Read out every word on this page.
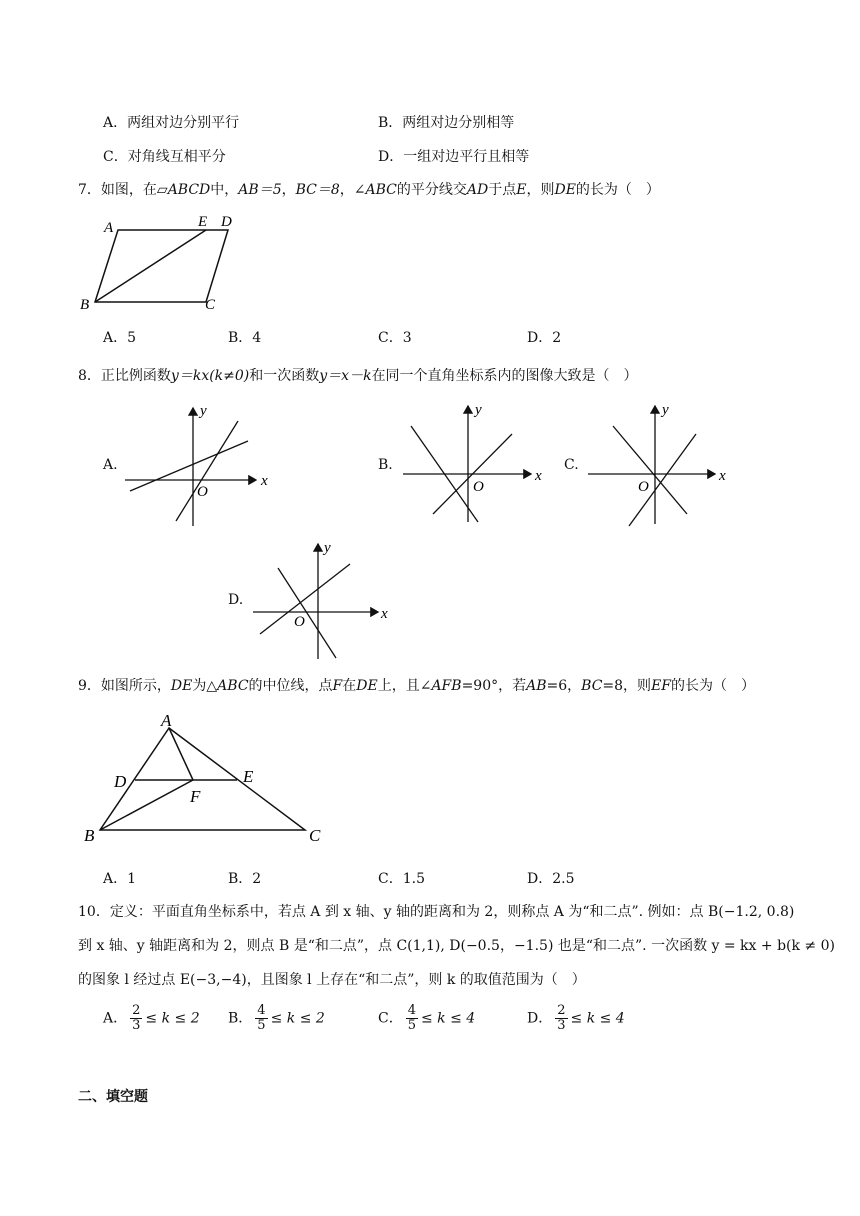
A．两组对边分别平行	B．两组对边分别相等
C．对角线互相平分	D．一组对边平行且相等
7．如图，在▱ABCD中，AB＝5，BC＝8，∠ABC的平分线交AD于点E，则DE的长为（　）
A	E D
B	C
A．5	B．4	C．3	D．2
8．正比例函数y＝kx(k≠0)和一次函数y＝x－k在同一个直角坐标系内的图像大致是（　）
A.
x
y
O
B.
x
y
O
C.
x
y
O
D.
x
y
O
9．如图所示，DE为△ABC的中位线，点F在DE上，且∠AFB=90°，若AB=6，BC=8，则EF的长为（　）
A
D	E
F
B	C
A．1	B．2	C．1.5	D．2.5
10．定义：平面直角坐标系中，若点 A 到 x 轴、y 轴的距离和为 2，则称点 A 为“和二点”. 例如：点 B(−1.2, 0.8)
到 x 轴、y 轴距离和为 2，则点 B 是“和二点”，点 C(1,1), D(−0.5，−1.5) 也是“和二点”. 一次函数 y = kx + b(k ≠ 0)
的图象 l 经过点 E(−3,−4)，且图象 l 上存在“和二点”，则 k 的取值范围为（　）
A． $\frac{2}{3} \le k \le 2$ B． $\frac{4}{5} \le k \le 2$	C． $\frac{4}{5} \le k \le 4$	D． $\frac{2}{3} \le k \le 4$
二、填空题
